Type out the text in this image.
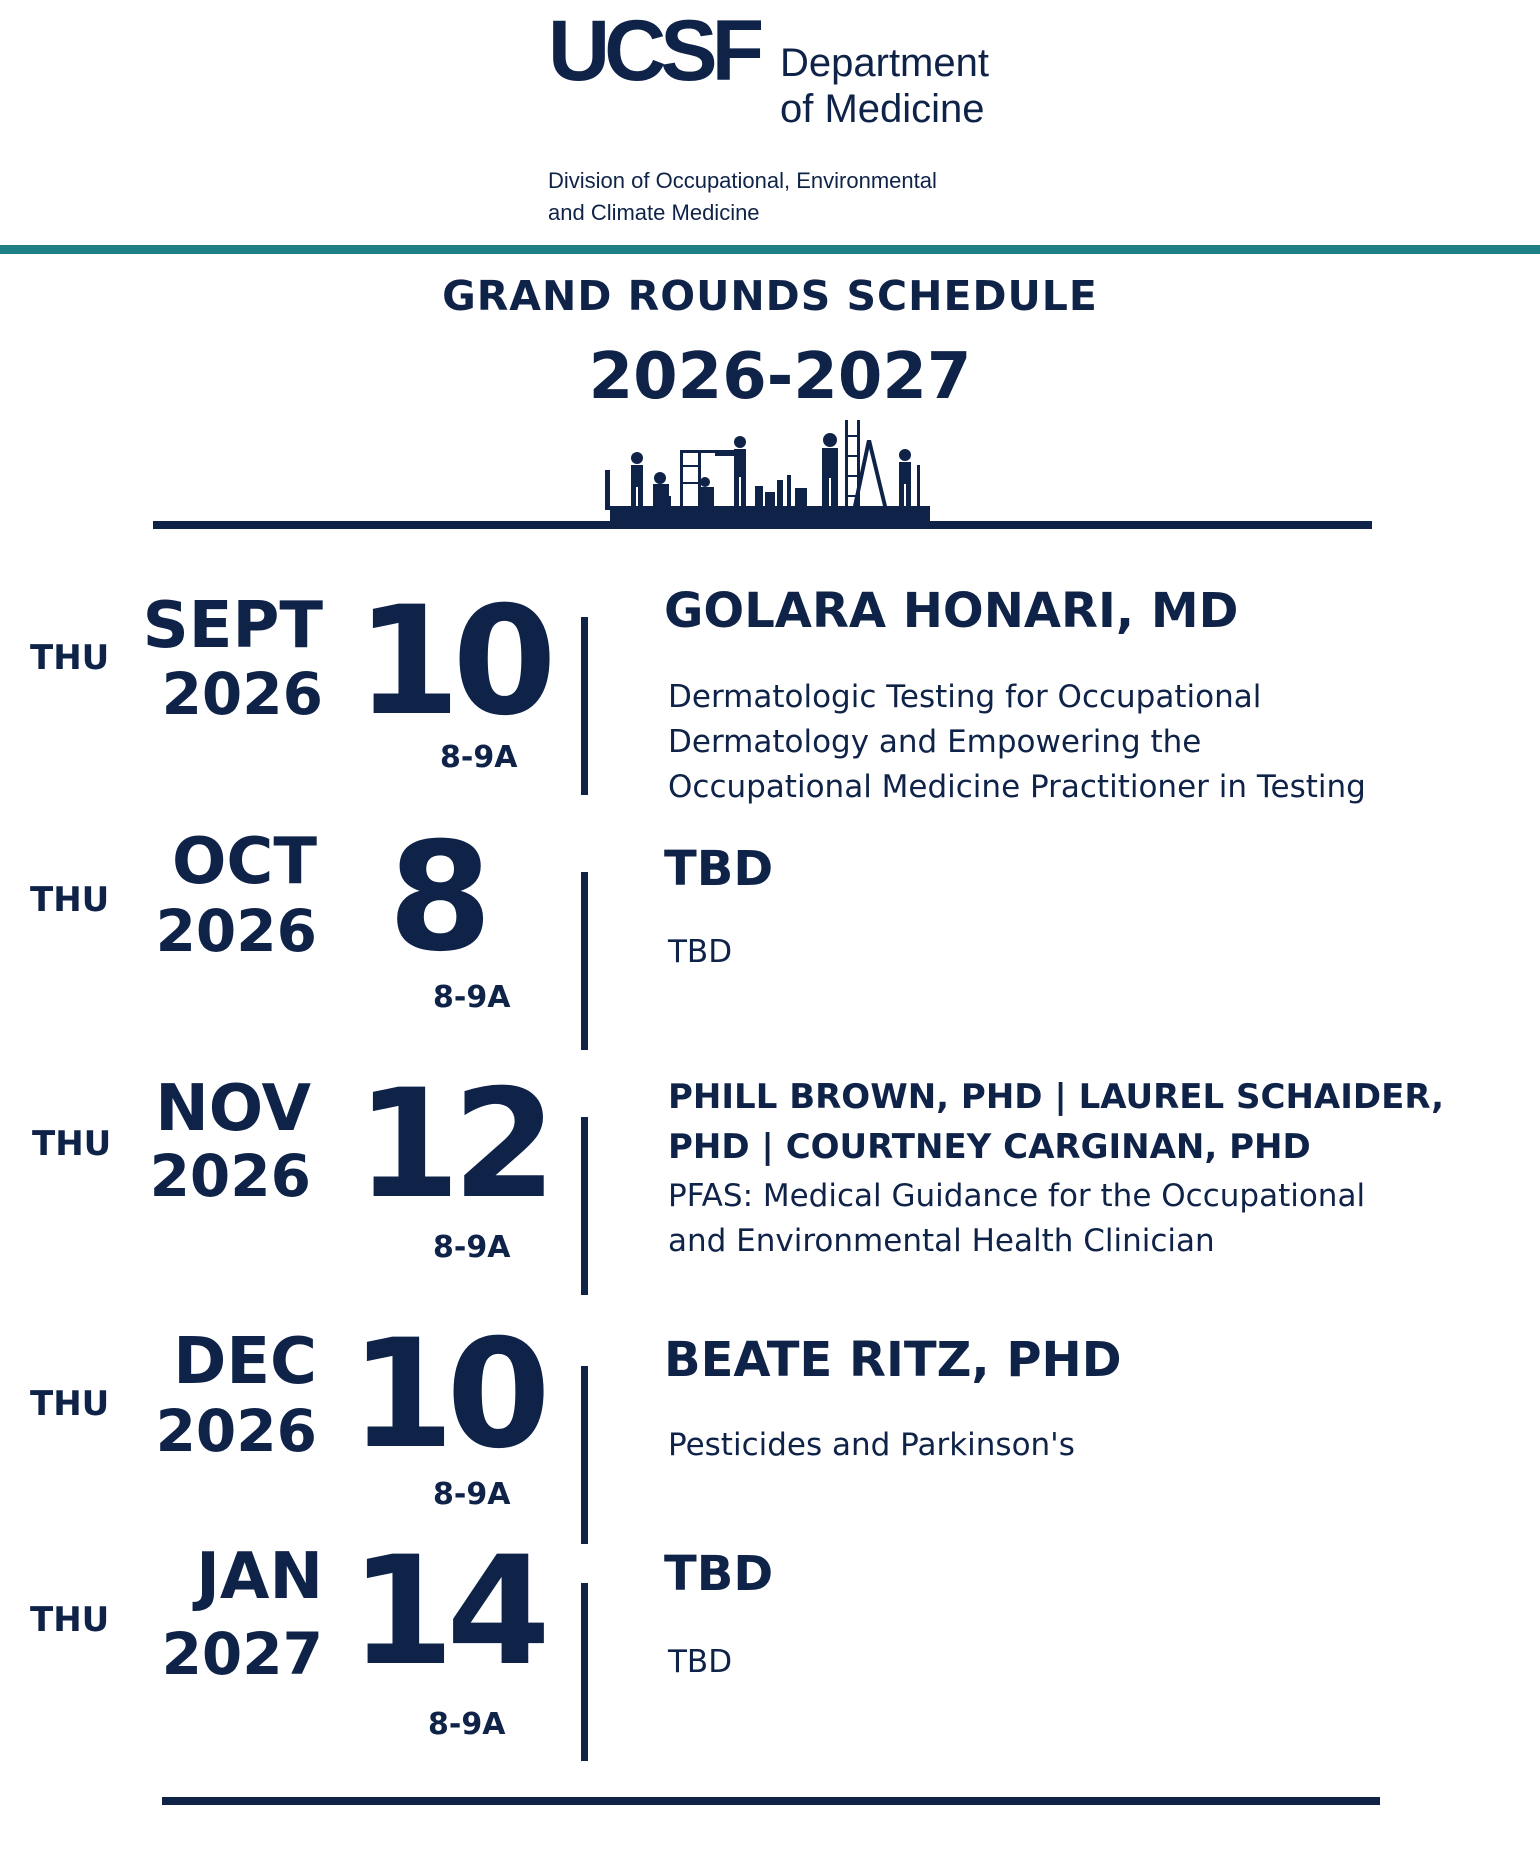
UCSF Department
of Medicine
Division of Occupational, Environmental
and Climate Medicine
GRAND ROUNDS SCHEDULE
2026-2027
THU SEPT
2026 10
8-9A
GOLARA HONARI, MD
Dermatologic Testing for Occupational
Dermatology and Empowering the
Occupational Medicine Practitioner in Testing
THU
OCT
2026 8
8-9A
TBD
TBD
THU NOV
2026 12
8-9A
PHILL BROWN, PHD | LAUREL SCHAIDER,
PHD | COURTNEY CARGINAN, PHD
PFAS: Medical Guidance for the Occupational
and Environmental Health Clinician
THU
DEC
2026 10
8-9A
BEATE RITZ, PHD
Pesticides and Parkinson's
THU
JAN
2027 14
8-9A
TBD
TBD
